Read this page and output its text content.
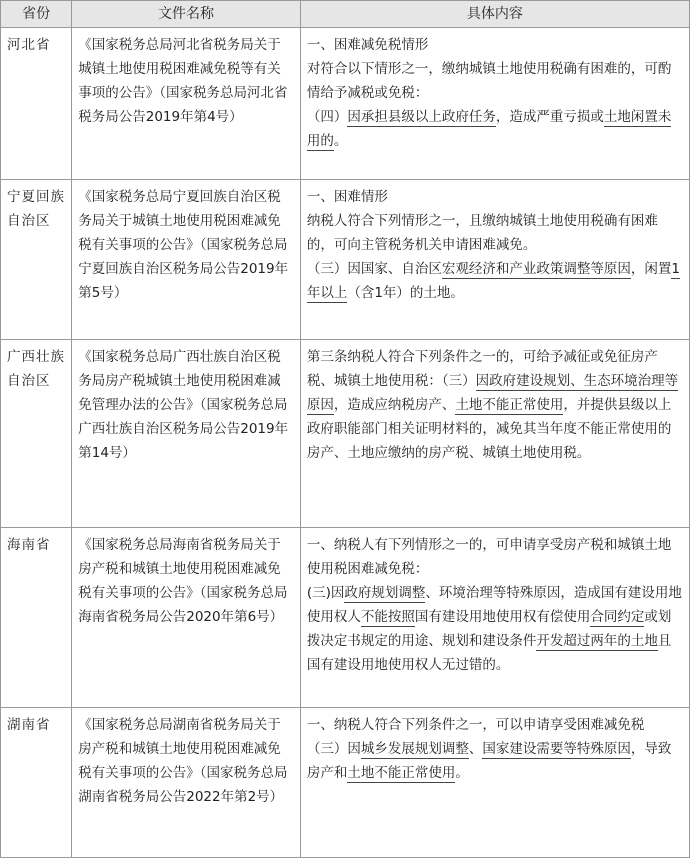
省份	文件名称	具体内容
河北省	《国家税务总局河北省税务局关于城镇土地使用税困难减免税等有关事项的公告》（国家税务总局河北省税务局公告2019年第4号）	一、困难减免税情形

对符合以下情形之一，缴纳城镇土地使用税确有困难的，可酌情给予减税或免税：

（四）因承担县级以上政府任务，造成严重亏损或土地闲置未用的。

宁夏回族自治区	《国家税务总局宁夏回族自治区税务局关于城镇土地使用税困难减免税有关事项的公告》（国家税务总局宁夏回族自治区税务局公告2019年第5号）	一、困难情形

纳税人符合下列情形之一，且缴纳城镇土地使用税确有困难的，可向主管税务机关申请困难减免。

（三）因国家、自治区宏观经济和产业政策调整等原因，闲置1年以上（含1年）的土地。

广西壮族自治区	《国家税务总局广西壮族自治区税务局房产税城镇土地使用税困难减免管理办法的公告》（国家税务总局广西壮族自治区税务局公告2019年第14号）	第三条纳税人符合下列条件之一的，可给予减征或免征房产税、城镇土地使用税：（三）因政府建设规划、生态环境治理等原因，造成应纳税房产、土地不能正常使用，并提供县级以上政府职能部门相关证明材料的，减免其当年度不能正常使用的房产、土地应缴纳的房产税、城镇土地使用税。

海南省	《国家税务总局海南省税务局关于房产税和城镇土地使用税困难减免税有关事项的公告》（国家税务总局海南省税务局公告2020年第6号）	一、纳税人有下列情形之一的，可申请享受房产税和城镇土地使用税困难减免税：

(三)因政府规划调整、环境治理等特殊原因，造成国有建设用地使用权人不能按照国有建设用地使用权有偿使用合同约定或划拨决定书规定的用途、规划和建设条件开发超过两年的土地且国有建设用地使用权人无过错的。

湖南省	《国家税务总局湖南省税务局关于房产税和城镇土地使用税困难减免税有关事项的公告》（国家税务总局湖南省税务局公告2022年第2号）	一、纳税人符合下列条件之一，可以申请享受困难减免税

（三）因城乡发展规划调整、国家建设需要等特殊原因，导致房产和土地不能正常使用。
